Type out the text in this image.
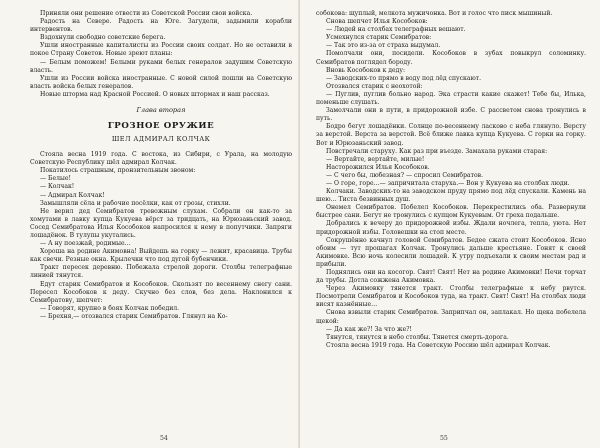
Приняли они решение отвести из Советской России свои войска.

Радость на Севере. Радость на Юге. Загудели, задымили корабли интервентов.

Вздохнули свободно советские берега.

Ушли иностранные капиталисты из России своих солдат. Но не оставили в покое Страну Советов. Новые зреют планы:

— Белым поможем! Белыми руками белых генералов задушим Советскую власть.

Ушли из России войска иностранные. С новой силой пошли на Советскую власть войска белых генералов.

Новые шторма над Красной Россией. О новых штормах и наш рассказ.

Глава вторая
ГРОЗНОЕ ОРУЖИЕ
ШЕЛ АДМИРАЛ КОЛЧАК

Стояла весна 1919 года. С востока, из Сибири, с Урала, на молодую Советскую Республику шёл адмирал Колчак.

Покатилось страшным, пронзительным звоном:

— Белые!

— Колчак!

— Адмирал Колчак!

Замышляли сёла и рабочие посёлки, как от грозы, стихли.

Не верил дед Семибратов тревожным слухам. Собрали он как-то за хомутами в лавку купца Кукуева вёрст за тридцать, на Юрюзаньский завод. Сосед Семибратова Илья Кособоков напросился к нему в попутчики. Запряги лошадёнок. В тулупы укутались.

— А ну поезжай, родимые…

Хороша на родине Акимовна! Выйдешь на горку — лежит, красавица. Трубы как свечи. Резные окна. Крылечки что под дугой бубенчики.

Тракт пересек деревню. Побежала стрелой дороги. Столбы телеграфные линией тянутся.

Едут старик Семибратов и Кособоков. Скользят по весеннему снегу сани. Пересел Кособоков к деду. Скучно без слов, без дела. Наклонился к Семибратову, шепчет:

— Говорят, крупно в боях Колчак победил.

— Брехня,— отозвался старик Семибратов. Глянул на Ко-

54

собокова: щуплый, мелкота мужичонка. Вот и голос что писк мышиный.

Снова шепчет Илья Кособоков:

— Людей на столбах телеграфных вешают.

Усмехнулся старик Семибратов:

— Так это из-за от страха выдумал.

Помолчали они, посидели. Кособоков в зубах повыкрул соломинку. Семибратов поглядел бороду.

Вновь Кособоков к деду:

— Заводских-то прямо в воду под лёд спускают.

Отозвался старик с неохотой:

— Пуглив, пуглив больно народ. Эка страсти какие скажет! Тебе бы, Илька, поменьше слушать.

Замолчали они в пути, в придорожной избе. С рассветом снова тронулись в путь.

Бодро бегут лошадёнки. Солнце по-весеннему ласково с неба глянуло. Версту за верстой. Верста за верстой. Всё ближе лавка купца Кукуева. С горки на горку. Вот и Юрюзаньский завод.

Повстречали старуху. Как раз при въезде. Замахала руками старая:

— Вертайте, вертайте, милые!

Насторожился Илья Кособоков.

— С чего бы, любезная? — спросил Семибратов.

— О горе, горе…— запричитала старуха.— Вон у Кукуева на столбах люди.

Колчаки. Заводских-то на заводском пруду прямо под лёд спускали. Камень на шею… Тиста безвинных душ.

Онемел Семибратов. Побелел Кособоков. Перекрестились оба. Развернули быстрее сани. Бегут не тронулись с купцом Кукуевым. От греха подальше.

Добрались к вечеру до придорожной избы. Ждали ночлега, тепла, уюта. Нет придорожной избы. Головешки на стоп месте.

Сокрушённо качнул головой Семибратов. Бедее сжата стоит Кособоков. Ясно обоим — тут прошагал Колчак. Тронулись дальше крестьяне. Гонят к своей Акимовке. Всю ночь колесили лошадей. К утру подъехали к своим местам рад и прибыли.

Поднялись они на косогор. Свят! Свят! Нет на родине Акимовки! Печи торчат да трубы. Дотла сожжена Акимовка.

Через Акимовку тянется тракт. Столбы телеграфные к небу рвутся. Посмотрели Семибратов и Кособоков туда, на тракт. Свят! Свят! На столбах люди висят казнённые…

Снова взвыли старик Семибратов. Заприпчал он, заплакал. Но щека побелела щекой:

— Да как же?! За что же?!

Тянутся, тянутся в небо столбы. Тянется смерть-дорога.

Стояла весна 1919 года. На Советскую Россию шёл адмирал Колчак.

55
